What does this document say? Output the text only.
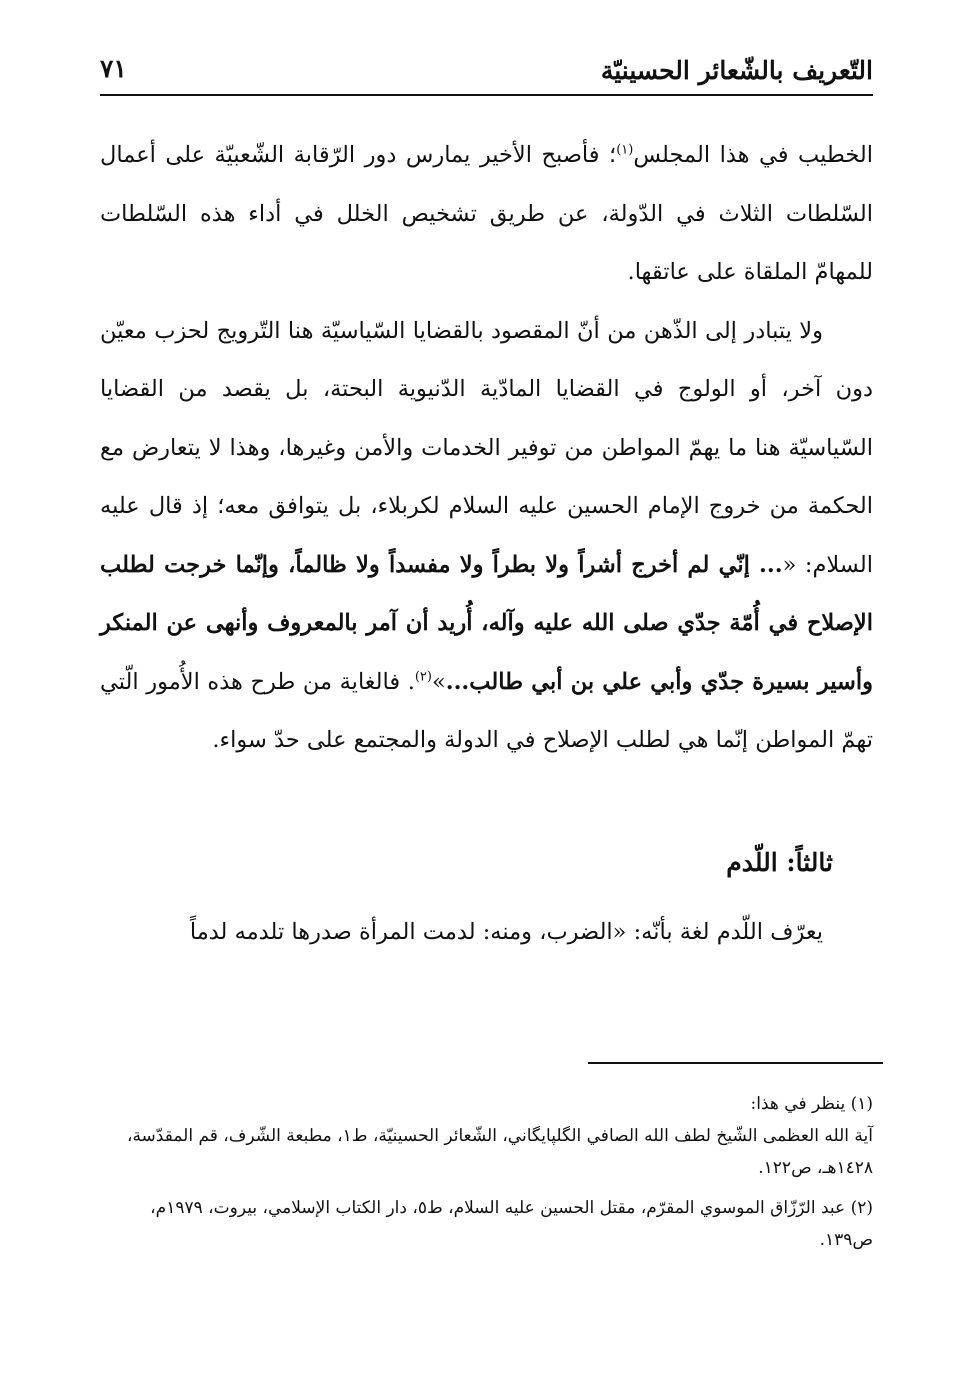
التّعريف بالشّعائر الحسينيّة
٧١

الخطيب في هذا المجلس$^{(١)}$؛ فأصبح الأخير يمارس دور الرّقابة الشّعبيّة على أعمال السّلطات الثلاث في الدّولة، عن طريق تشخيص الخلل في أداء هذه السّلطات للمهامّ الملقاة على عاتقها.

ولا يتبادر إلى الذّهن من أنّ المقصود بالقضايا السّياسيّة هنا التّرويج لحزب معيّن دون آخر، أو الولوج في القضايا المادّية الدّنيوية البحتة، بل يقصد من القضايا السّياسيّة هنا ما يهمّ المواطن من توفير الخدمات والأمن وغيرها، وهذا لا يتعارض مع الحكمة من خروج الإمام الحسين عليه السلام لكربلاء، بل يتوافق معه؛ إذ قال عليه السلام: «... إنّي لم أخرج أشراً ولا بطراً ولا مفسداً ولا ظالماً، وإنّما خرجت لطلب الإصلاح في أُمّة جدّي صلى الله عليه وآله، أُريد أن آمر بالمعروف وأنهى عن المنكر وأسير بسيرة جدّي وأبي علي بن أبي طالب...»$^{(٢)}$. فالغاية من طرح هذه الأُمور الّتي تهمّ المواطن إنّما هي لطلب الإصلاح في الدولة والمجتمع على حدّ سواء.

ثالثاً: اللّدم

يعرّف اللّدم لغة بأنّه: «الضرب، ومنه: لدمت المرأة صدرها تلدمه لدماً

(١) ينظر في هذا:
آية الله العظمى الشّيخ لطف الله الصافي الگلپايگاني، الشّعائر الحسينيّة، ط١، مطبعة الشّرف، قم المقدّسة، ١٤٢٨هـ، ص١٢٢.

(٢) عبد الرّزّاق الموسوي المقرّم، مقتل الحسين عليه السلام، ط٥، دار الكتاب الإسلامي، بيروت، ١٩٧٩م، ص١٣٩.
